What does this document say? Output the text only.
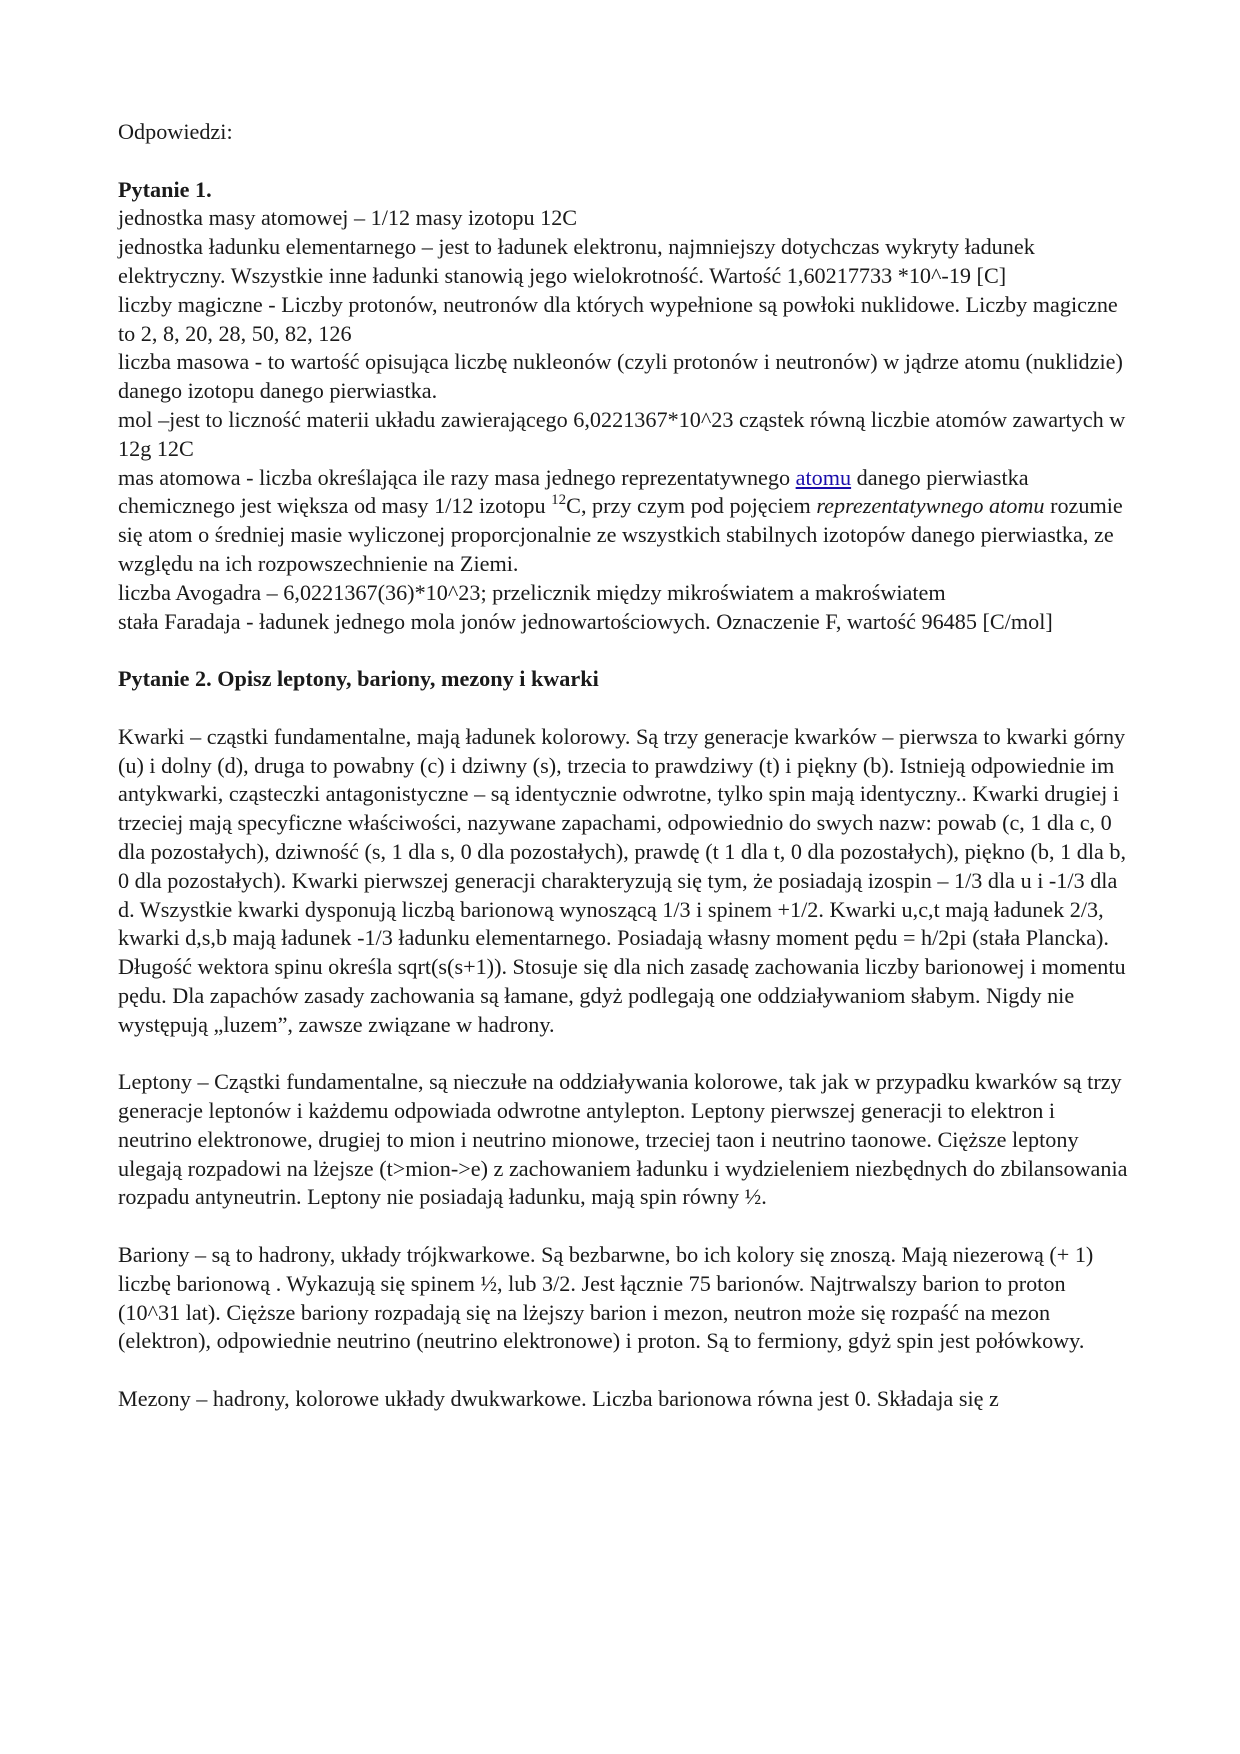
Odpowiedzi:

Pytanie 1.

jednostka masy atomowej – 1/12 masy izotopu 12C

jednostka ładunku elementarnego – jest to ładunek elektronu, najmniejszy dotychczas wykryty ładunek elektryczny. Wszystkie inne ładunki stanowią jego wielokrotność. Wartość 1,60217733 *10^-19 [C]

liczby magiczne - Liczby protonów, neutronów dla których wypełnione są powłoki nuklidowe. Liczby magiczne to 2, 8, 20, 28, 50, 82, 126

liczba masowa - to wartość opisująca liczbę nukleonów (czyli protonów i neutronów) w jądrze atomu (nuklidzie) danego izotopu danego pierwiastka.

mol –jest to liczność materii układu zawierającego 6,0221367*10^23 cząstek równą liczbie atomów zawartych w 12g 12C

mas atomowa - liczba określająca ile razy masa jednego reprezentatywnego atomu danego pierwiastka chemicznego jest większa od masy 1/12 izotopu $^{12}$C, przy czym pod pojęciem reprezentatywnego atomu rozumie się atom o średniej masie wyliczonej proporcjonalnie ze wszystkich stabilnych izotopów danego pierwiastka, ze względu na ich rozpowszechnienie na Ziemi.

liczba Avogadra – 6,0221367(36)*10^23; przelicznik między mikroświatem a makroświatem

stała Faradaja - ładunek jednego mola jonów jednowartościowych. Oznaczenie F, wartość 96485 [C/mol]

Pytanie 2. Opisz leptony, bariony, mezony i kwarki

Kwarki – cząstki fundamentalne, mają ładunek kolorowy. Są trzy generacje kwarków – pierwsza to kwarki górny (u) i dolny (d), druga to powabny (c) i dziwny (s), trzecia to prawdziwy (t) i piękny (b). Istnieją odpowiednie im antykwarki, cząsteczki antagonistyczne – są identycznie odwrotne, tylko spin mają identyczny.. Kwarki drugiej i trzeciej mają specyficzne właściwości, nazywane zapachami, odpowiednio do swych nazw: powab (c, 1 dla c, 0 dla pozostałych), dziwność (s, 1 dla s, 0 dla pozostałych), prawdę (t 1 dla t, 0 dla pozostałych), piękno (b, 1 dla b, 0 dla pozostałych). Kwarki pierwszej generacji charakteryzują się tym, że posiadają izospin – 1/3 dla u i -1/3 dla d. Wszystkie kwarki dysponują liczbą barionową wynoszącą 1/3 i spinem +1/2. Kwarki u,c,t mają ładunek 2/3, kwarki d,s,b mają ładunek -1/3 ładunku elementarnego. Posiadają własny moment pędu = h/2pi (stała Plancka). Długość wektora spinu określa sqrt(s(s+1)). Stosuje się dla nich zasadę zachowania liczby barionowej i momentu pędu. Dla zapachów zasady zachowania są łamane, gdyż podlegają one oddziaływaniom słabym. Nigdy nie występują „luzem”, zawsze związane w hadrony.

Leptony – Cząstki fundamentalne, są nieczułe na oddziaływania kolorowe, tak jak w przypadku kwarków są trzy generacje leptonów i każdemu odpowiada odwrotne antylepton. Leptony pierwszej generacji to elektron i neutrino elektronowe, drugiej to mion i neutrino mionowe, trzeciej taon i neutrino taonowe. Cięższe leptony ulegają rozpadowi na lżejsze (t>mion->e) z zachowaniem ładunku i wydzieleniem niezbędnych do zbilansowania rozpadu antyneutrin. Leptony nie posiadają ładunku, mają spin równy ½.

Bariony – są to hadrony, układy trójkwarkowe. Są bezbarwne, bo ich kolory się znoszą. Mają niezerową (+ 1) liczbę barionową . Wykazują się spinem ½, lub 3/2. Jest łącznie 75 barionów. Najtrwalszy barion to proton (10^31 lat). Cięższe bariony rozpadają się na lżejszy barion i mezon, neutron może się rozpaść na mezon (elektron), odpowiednie neutrino (neutrino elektronowe) i proton. Są to fermiony, gdyż spin jest połówkowy.

Mezony – hadrony, kolorowe układy dwukwarkowe. Liczba barionowa równa jest 0. Składaja się z
